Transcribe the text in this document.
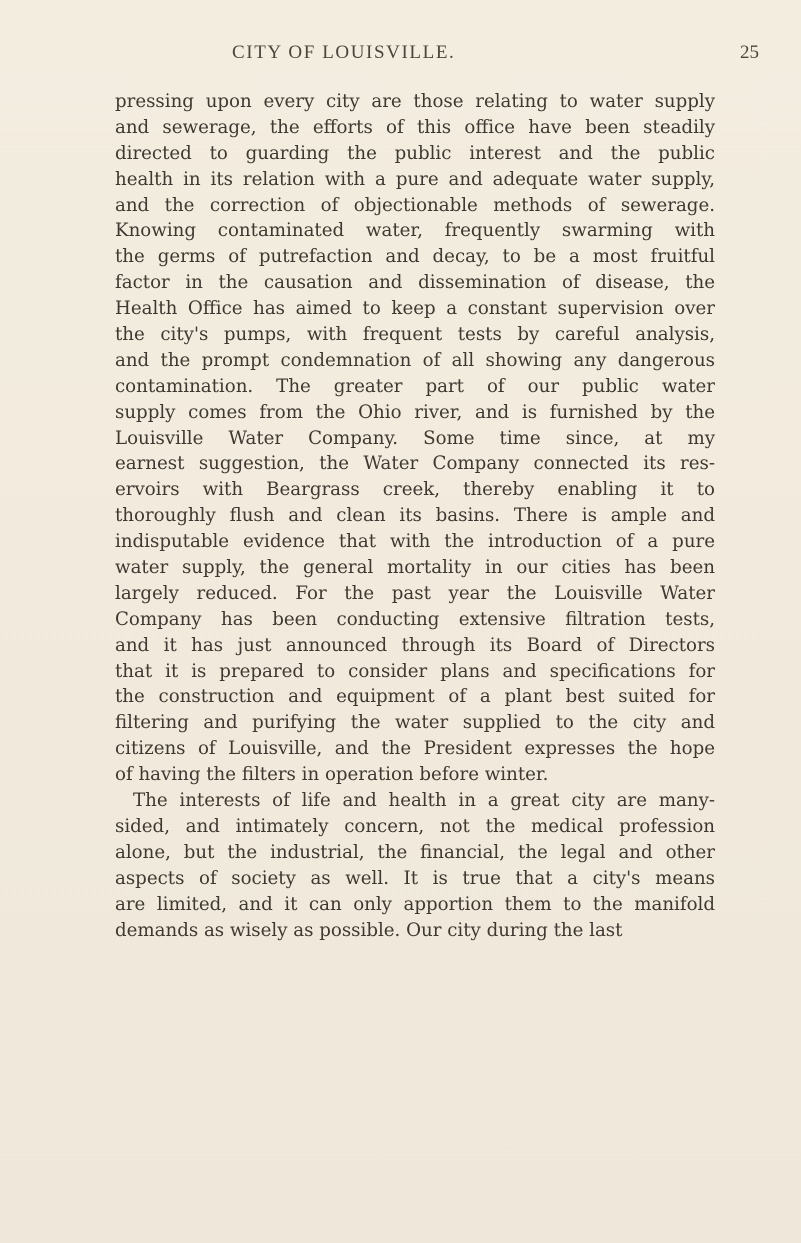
CITY OF LOUISVILLE.	25
pressing upon every city are those relating to water supply
and sewerage, the efforts of this office have been steadily
directed to guarding the public interest and the public
health in its relation with a pure and adequate water supply,
and the correction of objectionable methods of sewerage.
Knowing contaminated water, frequently swarming with
the germs of putrefaction and decay, to be a most fruitful
factor in the causation and dissemination of disease, the
Health Office has aimed to keep a constant supervision over
the city's pumps, with frequent tests by careful analysis,
and the prompt condemnation of all showing any dangerous
contamination. The greater part of our public water
supply comes from the Ohio river, and is furnished by the
Louisville Water Company. Some time since, at my
earnest suggestion, the Water Company connected its res-
ervoirs with Beargrass creek, thereby enabling it to
thoroughly flush and clean its basins. There is ample and
indisputable evidence that with the introduction of a pure
water supply, the general mortality in our cities has been
largely reduced. For the past year the Louisville Water
Company has been conducting extensive filtration tests,
and it has just announced through its Board of Directors
that it is prepared to consider plans and specifications for
the construction and equipment of a plant best suited for
filtering and purifying the water supplied to the city and
citizens of Louisville, and the President expresses the hope
of having the filters in operation before winter.
The interests of life and health in a great city are many-
sided, and intimately concern, not the medical profession
alone, but the industrial, the financial, the legal and other
aspects of society as well. It is true that a city's means
are limited, and it can only apportion them to the manifold
demands as wisely as possible. Our city during the last
